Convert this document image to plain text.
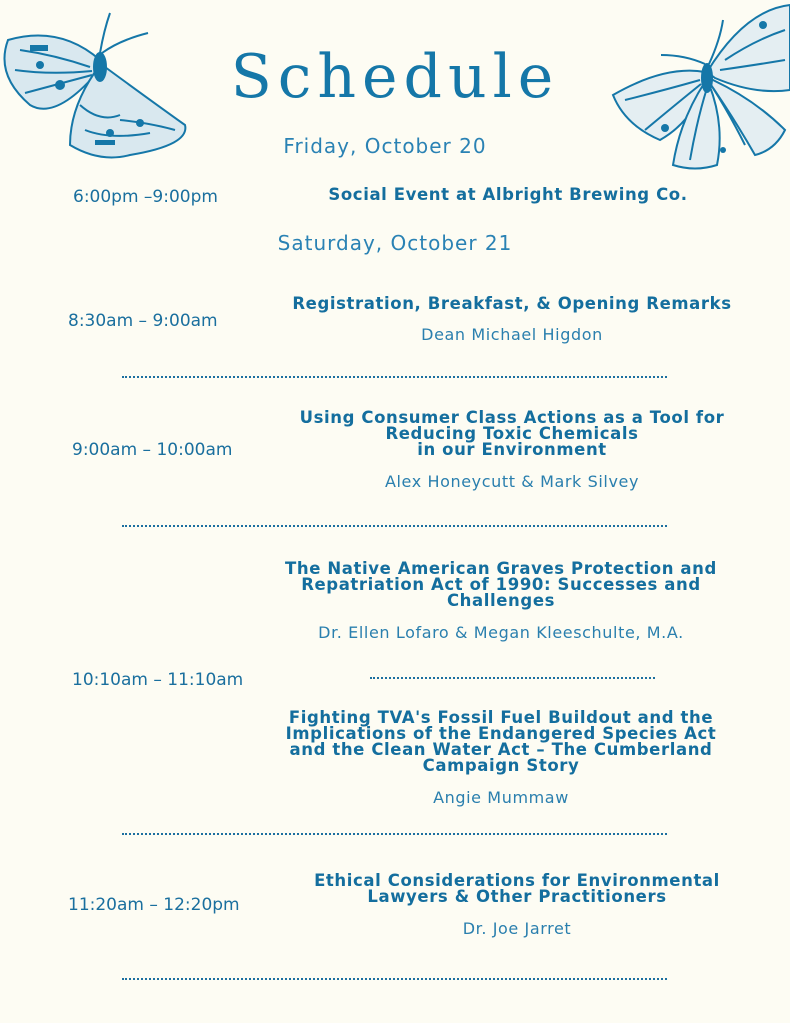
Schedule
Friday, October 20
6:00pm –9:00pm	Social Event at Albright Brewing Co.
Saturday, October 21
8:30am – 9:00am
Registration, Breakfast, & Opening Remarks
Dean Michael Higdon
9:00am – 10:00am
Using Consumer Class Actions as a Tool for
Reducing Toxic Chemicals
in our Environment
Alex Honeycutt & Mark Silvey
10:10am – 11:10am
The Native American Graves Protection and
Repatriation Act of 1990: Successes and
Challenges
Dr. Ellen Lofaro & Megan Kleeschulte, M.A.
Fighting TVA's Fossil Fuel Buildout and the
Implications of the Endangered Species Act
and the Clean Water Act – The Cumberland
Campaign Story
Angie Mummaw
11:20am – 12:20pm
Ethical Considerations for Environmental
Lawyers & Other Practitioners
Dr. Joe Jarret
